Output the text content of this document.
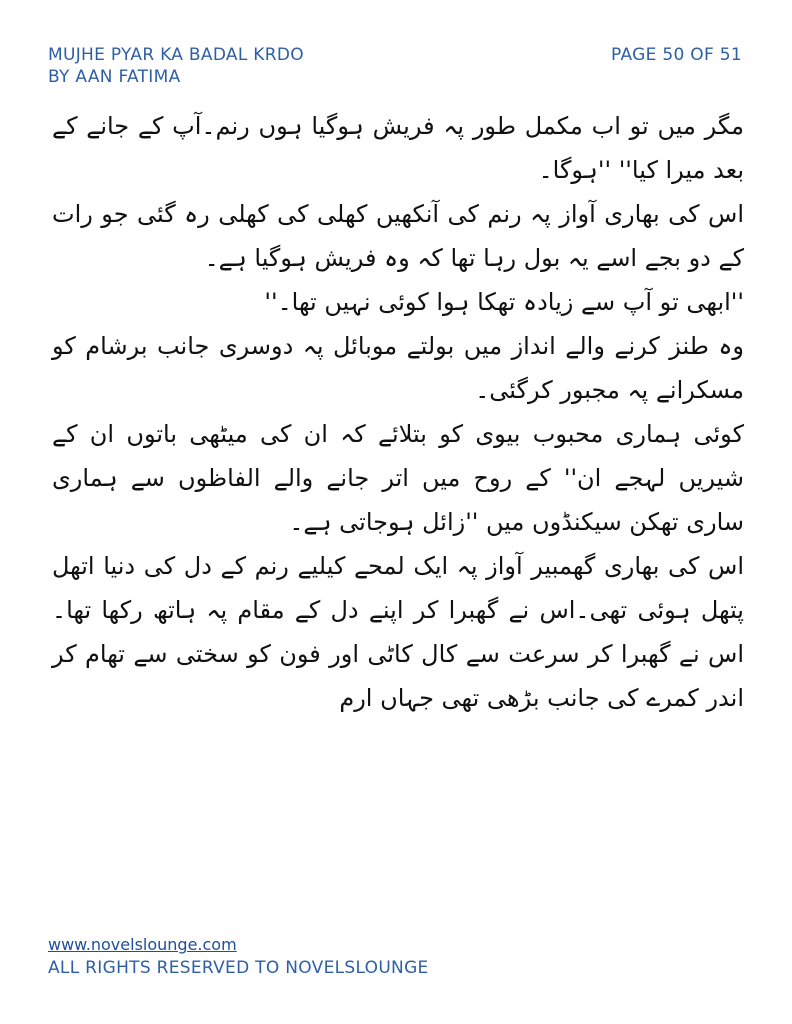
MUJHE PYAR KA BADAL KRDO
BY AAN FATIMA
PAGE 50 OF 51

مگر میں تو اب مکمل طور پہ فریش ہوگیا ہوں رنم۔آپ کے جانے کے بعد میرا کیا'' ''ہوگا۔

اس کی بھاری آواز پہ رنم کی آنکھیں کھلی کی کھلی رہ گئی جو رات کے دو بجے اسے یہ بول رہا تھا کہ وہ فریش ہوگیا ہے۔

''ابھی تو آپ سے زیادہ تھکا ہوا کوئی نہیں تھا۔''

وہ طنز کرنے والے انداز میں بولتے موبائل پہ دوسری جانب برشام کو مسکرانے پہ مجبور کرگئی۔

کوئی ہماری محبوب بیوی کو بتلائے کہ ان کی میٹھی باتوں ان کے شیریں لہجے ان'' کے روح میں اتر جانے والے الفاظوں سے ہماری ساری تھکن سیکنڈوں میں ''زائل ہوجاتی ہے۔

اس کی بھاری گھمبیر آواز پہ ایک لمحے کیلیے رنم کے دل کی دنیا اتھل پتھل ہوئی تھی۔اس نے گھبرا کر اپنے دل کے مقام پہ ہاتھ رکھا تھا۔اس نے گھبرا کر سرعت سے کال کاٹی اور فون کو سختی سے تھام کر اندر کمرے کی جانب بڑھی تھی جہاں ارم

www.novelslounge.com
ALL RIGHTS RESERVED TO NOVELSLOUNGE
